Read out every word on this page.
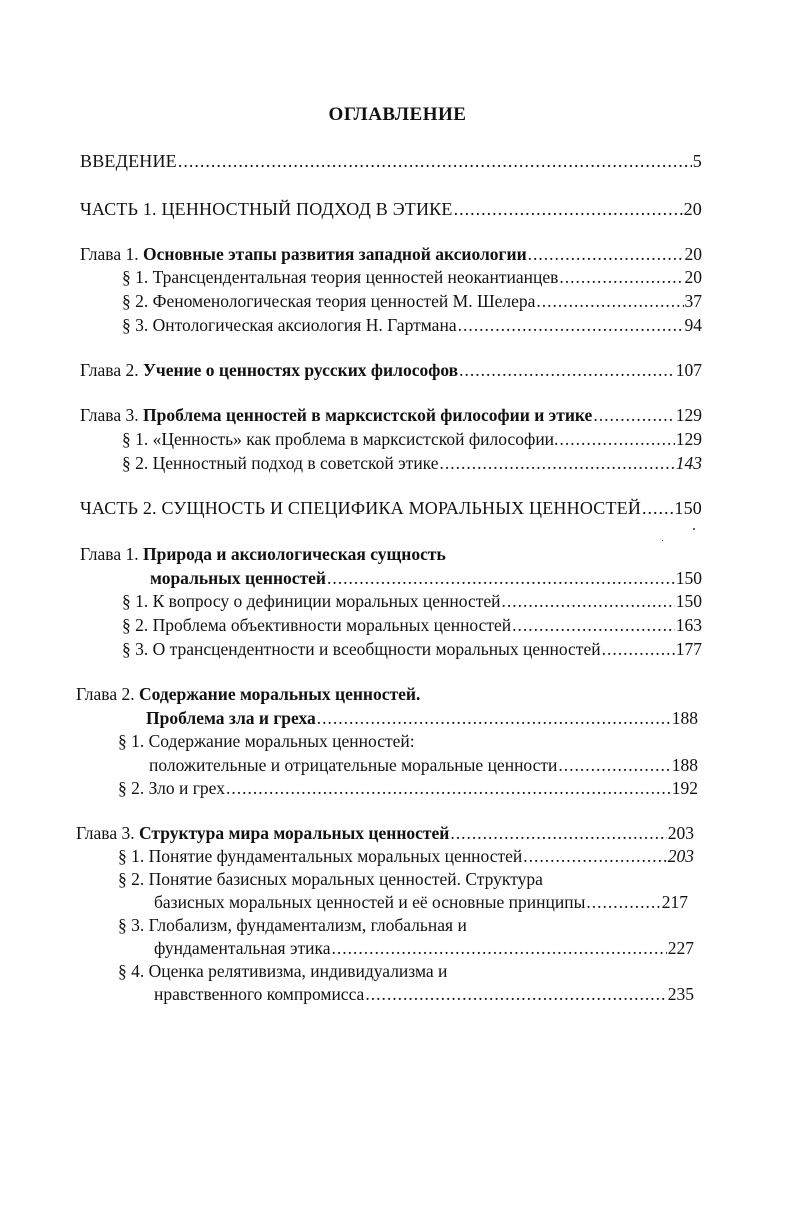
ОГЛАВЛЕНИЕ
ВВЕДЕНИЕ .....	5
ЧАСТЬ 1. ЦЕННОСТНЫЙ ПОДХОД В ЭТИКЕ .....	20
Глава 1. Основные этапы развития западной аксиологии .....	20
§ 1. Трансцендентальная теория ценностей неокантианцев .....	20
§ 2. Феноменологическая теория ценностей М. Шелера .....	37
§ 3. Онтологическая аксиология Н. Гартмана .....	94
Глава 2. Учение о ценностях русских философов .....	107
Глава 3. Проблема ценностей в марксистской философии и этике .....	129
§ 1. «Ценность» как проблема в марксистской философии. .....	129
§ 2. Ценностный подход в советской этике .....	143
ЧАСТЬ 2. СУЩНОСТЬ И СПЕЦИФИКА МОРАЛЬНЫХ ЦЕННОСТЕЙ ..... 150
Глава 1. Природа и аксиологическая сущность
моральных ценностей .....	150
§ 1. К вопросу о дефиниции моральных ценностей .....	150
§ 2. Проблема объективности моральных ценностей .....	163
§ 3. О трансцендентности и всеобщности моральных ценностей .....	177
Глава 2. Содержание моральных ценностей.
Проблема зла и греха .....	188
§ 1. Содержание моральных ценностей:
положительные и отрицательные моральные ценности .....	188
§ 2. Зло и грех .....	192
Глава 3. Структура мира моральных ценностей .....	203
§ 1. Понятие фундаментальных моральных ценностей .....	203
§ 2. Понятие базисных моральных ценностей. Структура
базисных моральных ценностей и её основные принципы .....	217
§ 3. Глобализм, фундаментализм, глобальная и
фундаментальная этика .....	227
§ 4. Оценка релятивизма, индивидуализма и
нравственного компромисса .....	235
